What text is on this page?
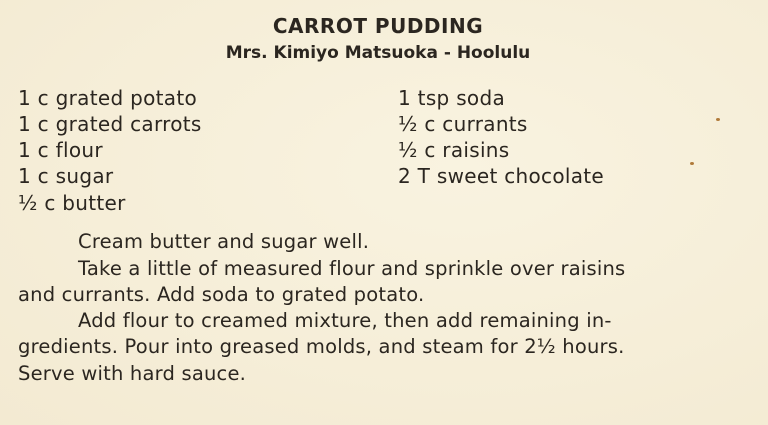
CARROT PUDDING
Mrs. Kimiyo Matsuoka - Hoolulu
1 c grated potato
1 c grated carrots
1 c flour
1 c sugar
½ c butter
1 tsp soda
½ c currants
½ c raisins
2 T sweet chocolate
Cream butter and sugar well.
Take a little of measured flour and sprinkle over raisins
and currants. Add soda to grated potato.
Add flour to creamed mixture, then add remaining in-
gredients. Pour into greased molds, and steam for 2½ hours.
Serve with hard sauce.
